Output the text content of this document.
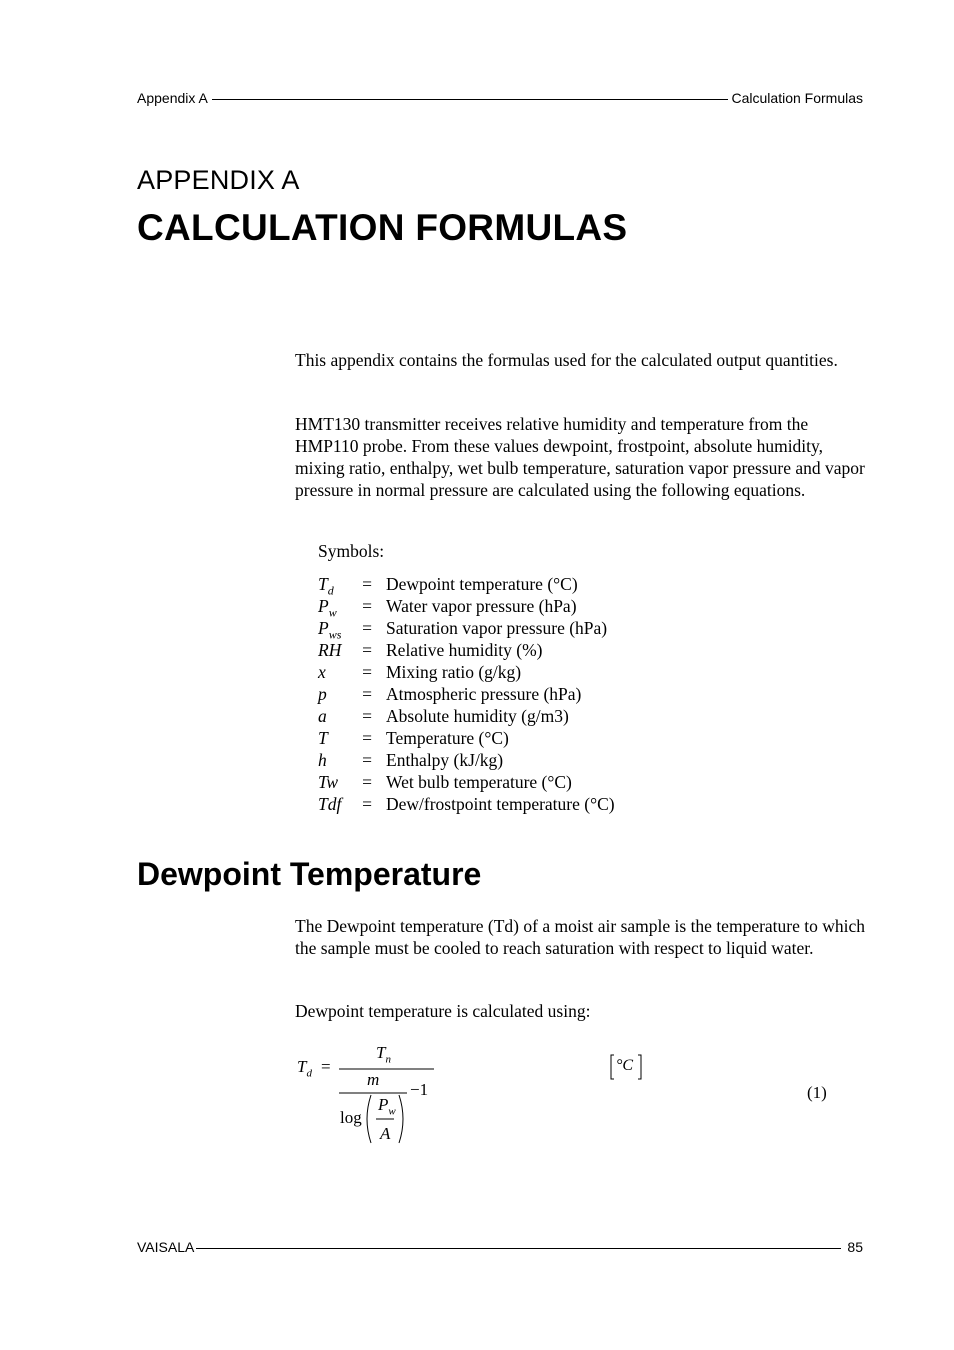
Appendix A	Calculation Formulas
APPENDIX A
CALCULATION FORMULAS

This appendix contains the formulas used for the calculated output quantities.

HMT130 transmitter receives relative humidity and temperature from the HMP110 probe. From these values dewpoint, frostpoint, absolute humidity, mixing ratio, enthalpy, wet bulb temperature, saturation vapor pressure and vapor pressure in normal pressure are calculated using the following equations.

Symbols:
$T_d$	= Dewpoint temperature (°C)
$P_w$	= Water vapor pressure (hPa)
$P_{ws}$	= Saturation vapor pressure (hPa)
RH	= Relative humidity (%)
x	= Mixing ratio (g/kg)
p	= Atmospheric pressure (hPa)
a	= Absolute humidity (g/m3)
T	= Temperature (°C)
h	= Enthalpy (kJ/kg)
Tw	= Wet bulb temperature (°C)
Tdf	= Dew/frostpoint temperature (°C)
Dewpoint Temperature

The Dewpoint temperature (Td) of a moist air sample is the temperature to which the sample must be cooled to reach saturation with respect to liquid water.

Dewpoint temperature is calculated using:

$T_d$ =
$T_n$
m
−1
log
$P_w$
A
°C
(1)
VAISALA	85
